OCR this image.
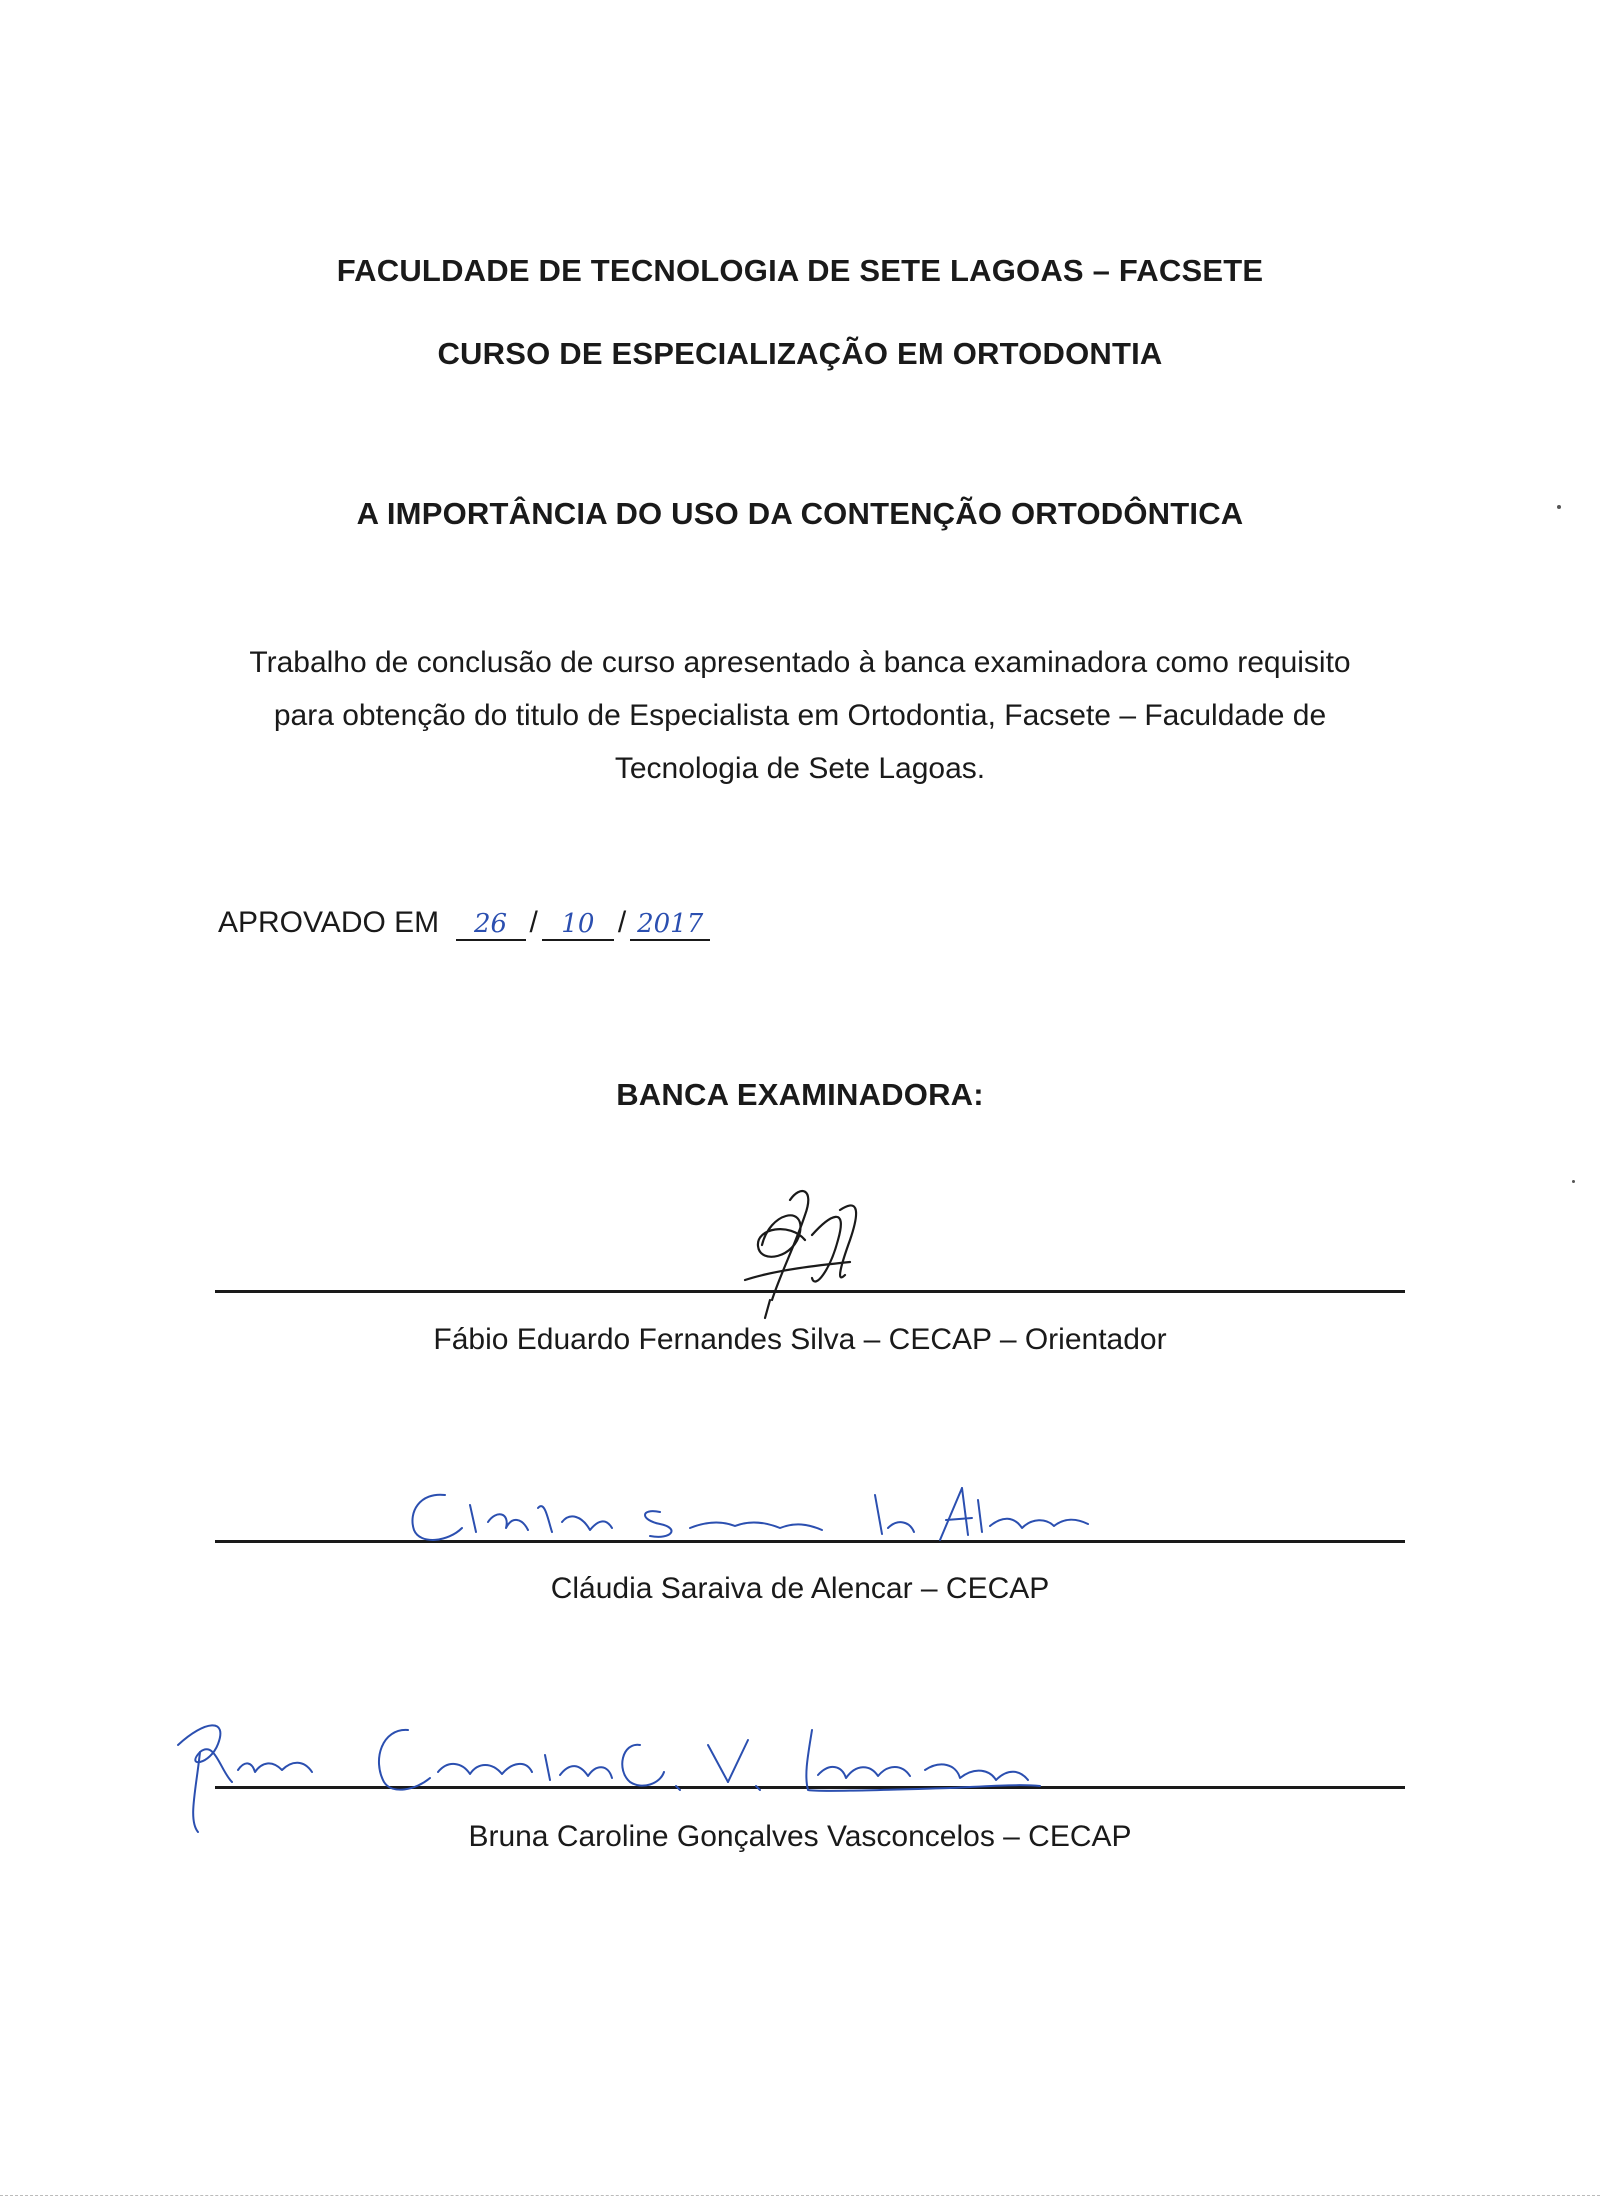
FACULDADE DE TECNOLOGIA DE SETE LAGOAS – FACSETE
CURSO DE ESPECIALIZAÇÃO EM ORTODONTIA
A IMPORTÂNCIA DO USO DA CONTENÇÃO ORTODÔNTICA
Trabalho de conclusão de curso apresentado à banca examinadora como requisito
para obtenção do titulo de Especialista em Ortodontia, Facsete – Faculdade de
Tecnologia de Sete Lagoas.
APROVADO EM 26 / 10 / 2017
BANCA EXAMINADORA:
Fábio Eduardo Fernandes Silva – CECAP – Orientador
Cláudia Saraiva de Alencar – CECAP
Bruna Caroline Gonçalves Vasconcelos – CECAP
